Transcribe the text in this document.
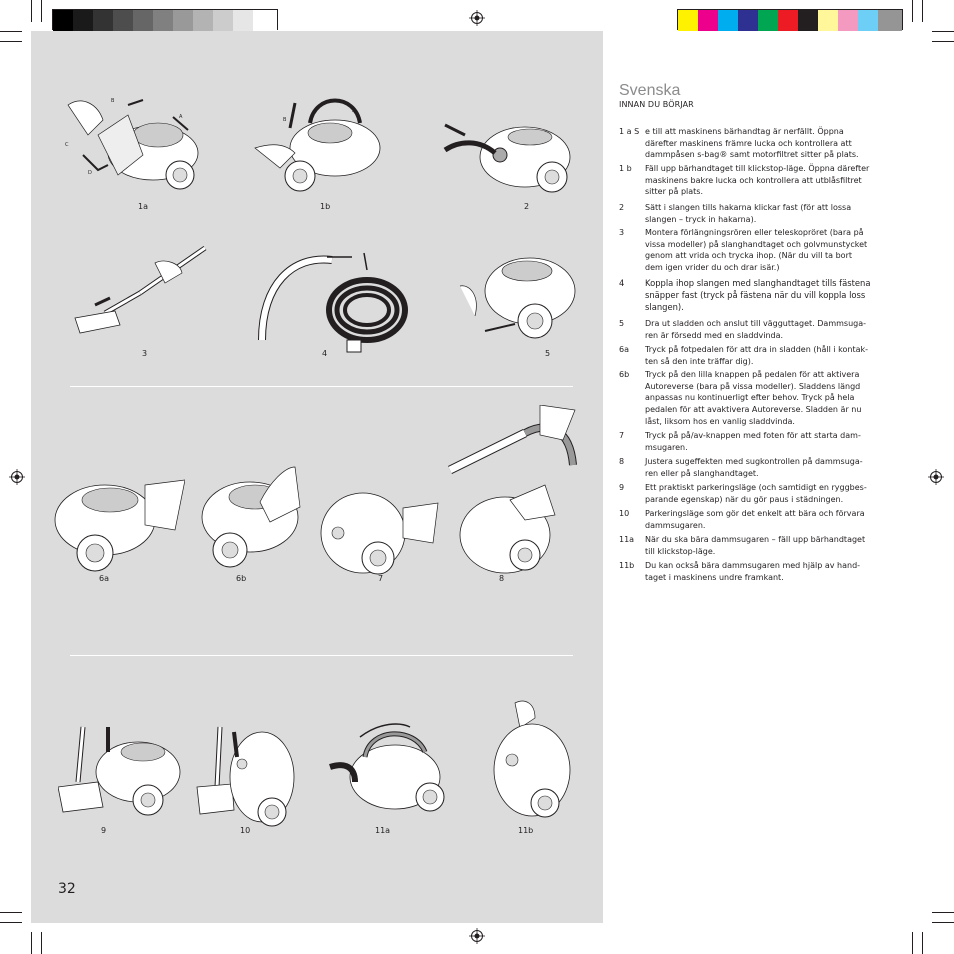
B
A
C
D
B
A
1a	1b	2
3	4	5
6a	6b	7	8
9	10	11a	11b
32
Svenska
INNAN DU BÖRJAR
1 a S e till att maskinens bärhandtag är nerfällt. Öppna därefter maskinens främre lucka och kontrollera att dammpåsen s-bag® samt motorfiltret sitter på plats.
1 b	Fäll upp bärhandtaget till klickstop-läge. Öppna därefter maskinens bakre lucka och kontrollera att utblåsfiltret sitter på plats.
2	Sätt i slangen tills hakarna klickar fast (för att lossa slangen – tryck in hakarna).
3	Montera förlängningsrören eller teleskopröret (bara på vissa modeller) på slanghandtaget och golvmunstycket genom att vrida och trycka ihop. (När du vill ta bort dem igen vrider du och drar isär.)
4	Koppla ihop slangen med slanghandtaget tills fästena snäpper fast (tryck på fästena när du vill koppla loss slangen).
5	Dra ut sladden och anslut till vägguttaget. Dammsuga-ren är försedd med en sladdvinda.
6a	Tryck på fotpedalen för att dra in sladden (håll i kontak-ten så den inte träffar dig).
6b	Tryck på den lilla knappen på pedalen för att aktivera Autoreverse (bara på vissa modeller). Sladdens längd anpassas nu kontinuerligt efter behov. Tryck på hela pedalen för att avaktivera Autoreverse. Sladden är nu låst, liksom hos en vanlig sladdvinda.
7	Tryck på på/av-knappen med foten för att starta dam-msugaren.
8	Justera sugeffekten med sugkontrollen på dammsuga-ren eller på slanghandtaget.
9	Ett praktiskt parkeringsläge (och samtidigt en ryggbes-parande egenskap) när du gör paus i städningen.
10	Parkeringsläge som gör det enkelt att bära och förvara dammsugaren.
11a	När du ska bära dammsugaren – fäll upp bärhandtaget till klickstop-läge.
11b	Du kan också bära dammsugaren med hjälp av hand-taget i maskinens undre framkant.
